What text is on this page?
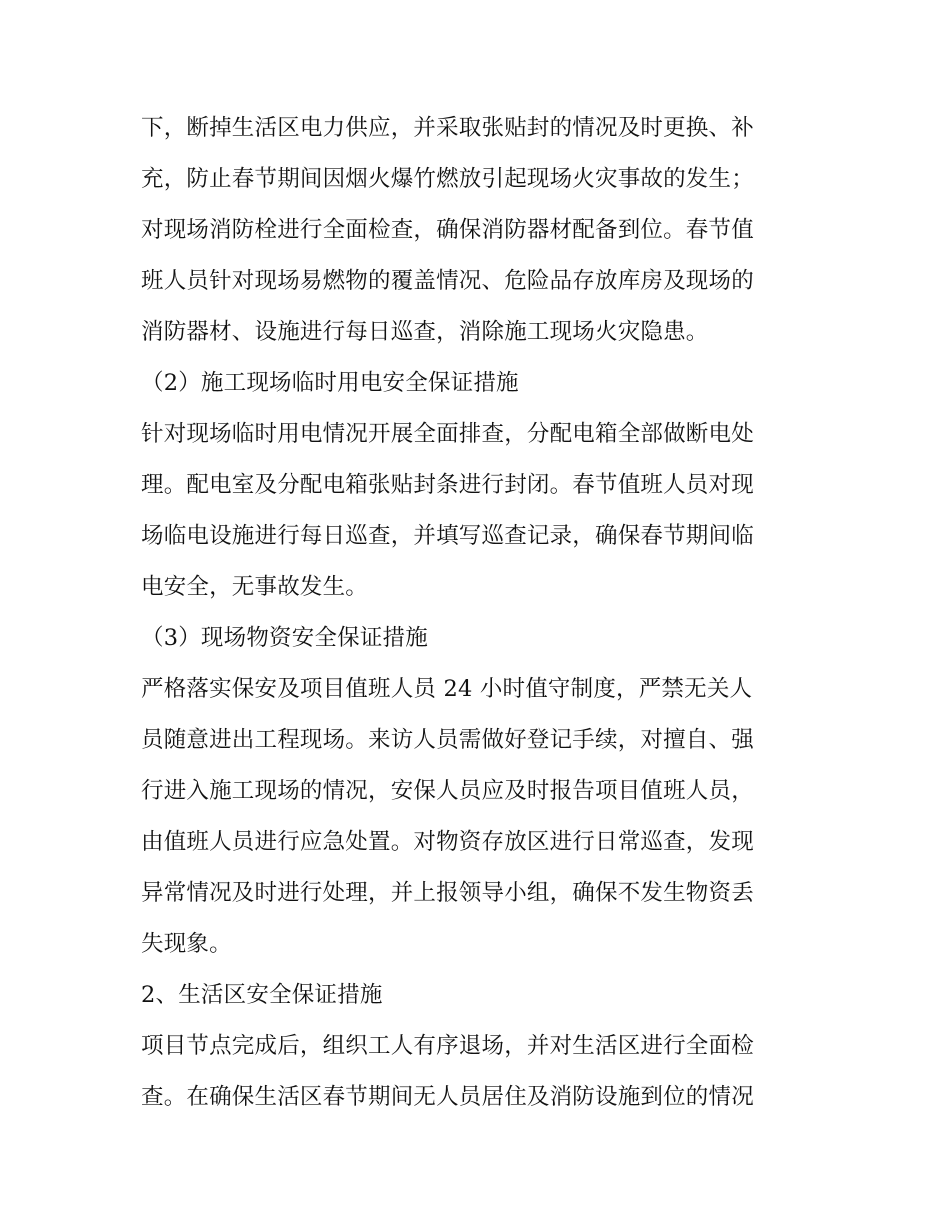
下，断掉生活区电力供应，并采取张贴封的情况及时更换、补
充，防止春节期间因烟火爆竹燃放引起现场火灾事故的发生；
对现场消防栓进行全面检查，确保消防器材配备到位。春节值
班人员针对现场易燃物的覆盖情况、危险品存放库房及现场的
消防器材、设施进行每日巡查，消除施工现场火灾隐患。
（2）施工现场临时用电安全保证措施
针对现场临时用电情况开展全面排查，分配电箱全部做断电处
理。配电室及分配电箱张贴封条进行封闭。春节值班人员对现
场临电设施进行每日巡查，并填写巡查记录，确保春节期间临
电安全，无事故发生。
（3）现场物资安全保证措施
严格落实保安及项目值班人员 24 小时值守制度，严禁无关人
员随意进出工程现场。来访人员需做好登记手续，对擅自、强
行进入施工现场的情况，安保人员应及时报告项目值班人员，
由值班人员进行应急处置。对物资存放区进行日常巡查，发现
异常情况及时进行处理，并上报领导小组，确保不发生物资丢
失现象。
2、生活区安全保证措施
项目节点完成后，组织工人有序退场，并对生活区进行全面检
查。在确保生活区春节期间无人员居住及消防设施到位的情况
